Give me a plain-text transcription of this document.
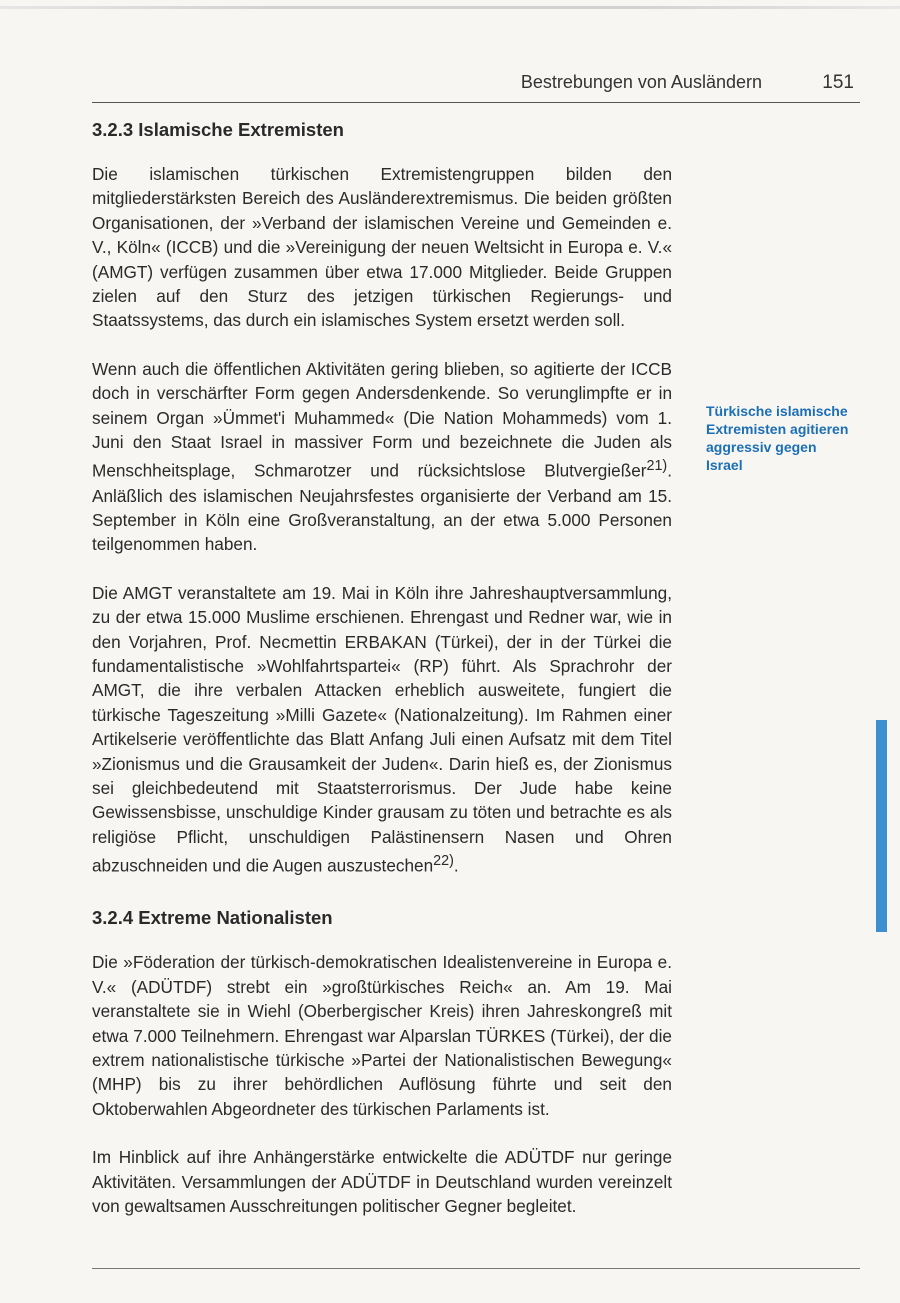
Bestrebungen von Ausländern	151
3.2.3 Islamische Extremisten

Die islamischen türkischen Extremistengruppen bilden den mitgliederstärksten Bereich des Ausländerextremismus. Die beiden größten Organisationen, der »Verband der islamischen Vereine und Gemeinden e. V., Köln« (ICCB) und die »Vereinigung der neuen Weltsicht in Europa e. V.« (AMGT) verfügen zusammen über etwa 17.000 Mitglieder. Beide Gruppen zielen auf den Sturz des jetzigen türkischen Regierungs- und Staatssystems, das durch ein islamisches System ersetzt werden soll.

Wenn auch die öffentlichen Aktivitäten gering blieben, so agitierte der ICCB doch in verschärfter Form gegen Andersdenkende. So verunglimpfte er in seinem Organ »Ümmet'i Muhammed« (Die Nation Mohammeds) vom 1. Juni den Staat Israel in massiver Form und bezeichnete die Juden als Menschheitsplage, Schmarotzer und rücksichtslose Blutvergießer$^{21)}$. Anläßlich des islamischen Neujahrsfestes organisierte der Verband am 15. September in Köln eine Großveranstaltung, an der etwa 5.000 Personen teilgenommen haben.

Die AMGT veranstaltete am 19. Mai in Köln ihre Jahreshauptversammlung, zu der etwa 15.000 Muslime erschienen. Ehrengast und Redner war, wie in den Vorjahren, Prof. Necmettin ERBAKAN (Türkei), der in der Türkei die fundamentalistische »Wohlfahrtspartei« (RP) führt. Als Sprachrohr der AMGT, die ihre verbalen Attacken erheblich ausweitete, fungiert die türkische Tageszeitung »Milli Gazete« (Nationalzeitung). Im Rahmen einer Artikelserie veröffentlichte das Blatt Anfang Juli einen Aufsatz mit dem Titel »Zionismus und die Grausamkeit der Juden«. Darin hieß es, der Zionismus sei gleichbedeutend mit Staatsterrorismus. Der Jude habe keine Gewissensbisse, unschuldige Kinder grausam zu töten und betrachte es als religiöse Pflicht, unschuldigen Palästinensern Nasen und Ohren abzuschneiden und die Augen auszustechen$^{22)}$.

3.2.4 Extreme Nationalisten

Die »Föderation der türkisch-demokratischen Idealistenvereine in Europa e. V.« (ADÜTDF) strebt ein »großtürkisches Reich« an. Am 19. Mai veranstaltete sie in Wiehl (Oberbergischer Kreis) ihren Jahreskongreß mit etwa 7.000 Teilnehmern. Ehrengast war Alparslan TÜRKES (Türkei), der die extrem nationalistische türkische »Partei der Nationalistischen Bewegung« (MHP) bis zu ihrer behördlichen Auflösung führte und seit den Oktoberwahlen Abgeordneter des türkischen Parlaments ist.

Im Hinblick auf ihre Anhängerstärke entwickelte die ADÜTDF nur geringe Aktivitäten. Versammlungen der ADÜTDF in Deutschland wurden vereinzelt von gewaltsamen Ausschreitungen politischer Gegner begleitet.

Türkische islamische Extremisten agitieren aggressiv gegen Israel
